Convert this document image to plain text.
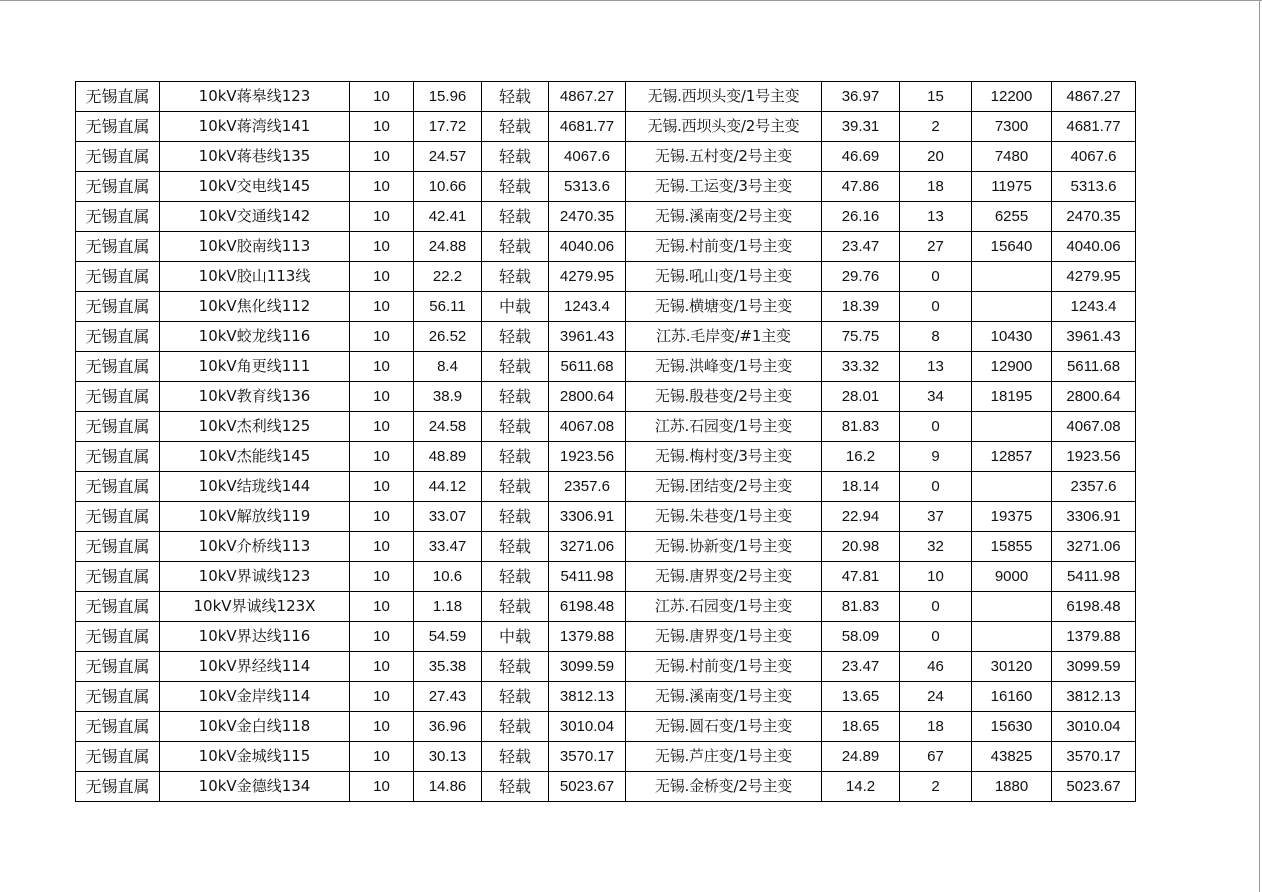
无锡直属	10kV蒋皋线123	10	15.96	轻载	4867.27	无锡.西坝头变/1号主变	36.97	15	12200	4867.27
无锡直属	10kV蒋湾线141	10	17.72	轻载	4681.77	无锡.西坝头变/2号主变	39.31	2	7300	4681.77
无锡直属	10kV蒋巷线135	10	24.57	轻载	4067.6	无锡.五村变/2号主变	46.69	20	7480	4067.6
无锡直属	10kV交电线145	10	10.66	轻载	5313.6	无锡.工运变/3号主变	47.86	18	11975	5313.6
无锡直属	10kV交通线142	10	42.41	轻载	2470.35	无锡.溪南变/2号主变	26.16	13	6255	2470.35
无锡直属	10kV胶南线113	10	24.88	轻载	4040.06	无锡.村前变/1号主变	23.47	27	15640	4040.06
无锡直属	10kV胶山113线	10	22.2	轻载	4279.95	无锡.吼山变/1号主变	29.76	0		4279.95
无锡直属	10kV焦化线112	10	56.11	中载	1243.4	无锡.横塘变/1号主变	18.39	0		1243.4
无锡直属	10kV蛟龙线116	10	26.52	轻载	3961.43	江苏.毛岸变/#1主变	75.75	8	10430	3961.43
无锡直属	10kV角更线111	10	8.4	轻载	5611.68	无锡.洪峰变/1号主变	33.32	13	12900	5611.68
无锡直属	10kV教育线136	10	38.9	轻载	2800.64	无锡.殷巷变/2号主变	28.01	34	18195	2800.64
无锡直属	10kV杰利线125	10	24.58	轻载	4067.08	江苏.石园变/1号主变	81.83	0		4067.08
无锡直属	10kV杰能线145	10	48.89	轻载	1923.56	无锡.梅村变/3号主变	16.2	9	12857	1923.56
无锡直属	10kV结珑线144	10	44.12	轻载	2357.6	无锡.团结变/2号主变	18.14	0		2357.6
无锡直属	10kV解放线119	10	33.07	轻载	3306.91	无锡.朱巷变/1号主变	22.94	37	19375	3306.91
无锡直属	10kV介桥线113	10	33.47	轻载	3271.06	无锡.协新变/1号主变	20.98	32	15855	3271.06
无锡直属	10kV界诚线123	10	10.6	轻载	5411.98	无锡.唐界变/2号主变	47.81	10	9000	5411.98
无锡直属	10kV界诚线123X	10	1.18	轻载	6198.48	江苏.石园变/1号主变	81.83	0		6198.48
无锡直属	10kV界达线116	10	54.59	中载	1379.88	无锡.唐界变/1号主变	58.09	0		1379.88
无锡直属	10kV界经线114	10	35.38	轻载	3099.59	无锡.村前变/1号主变	23.47	46	30120	3099.59
无锡直属	10kV金岸线114	10	27.43	轻载	3812.13	无锡.溪南变/1号主变	13.65	24	16160	3812.13
无锡直属	10kV金白线118	10	36.96	轻载	3010.04	无锡.圆石变/1号主变	18.65	18	15630	3010.04
无锡直属	10kV金城线115	10	30.13	轻载	3570.17	无锡.芦庄变/1号主变	24.89	67	43825	3570.17
无锡直属	10kV金德线134	10	14.86	轻载	5023.67	无锡.金桥变/2号主变	14.2	2	1880	5023.67
